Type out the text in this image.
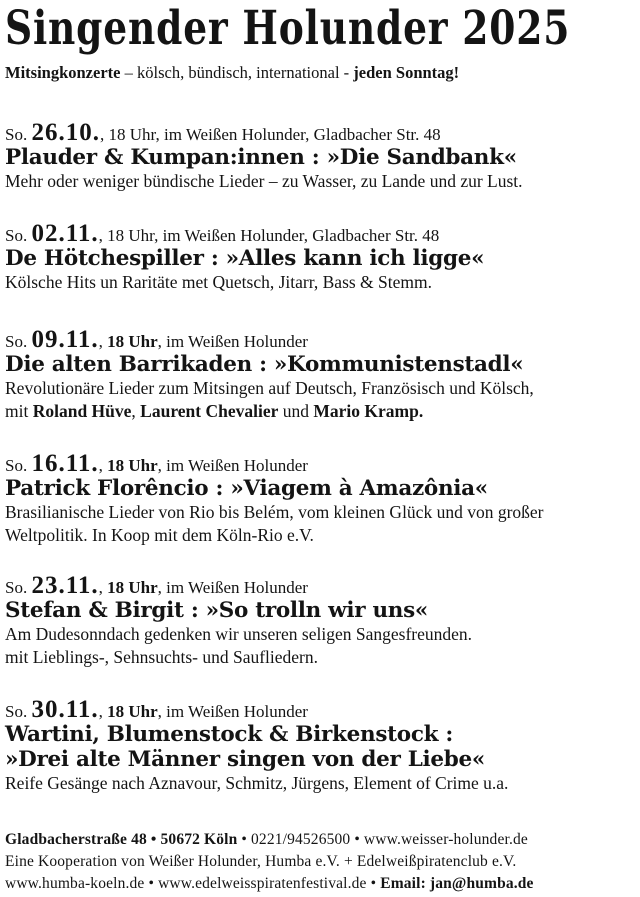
Singender Holunder 2025
Mitsingkonzerte – kölsch, bündisch, international - jeden Sonntag!
So. 26.10., 18 Uhr, im Weißen Holunder, Gladbacher Str. 48
Plauder & Kumpan:innen : »Die Sandbank«
Mehr oder weniger bündische Lieder – zu Wasser, zu Lande und zur Lust.
So. 02.11., 18 Uhr, im Weißen Holunder, Gladbacher Str. 48
De Hötchespiller : »Alles kann ich ligge«
Kölsche Hits un Raritäte met Quetsch, Jitarr, Bass & Stemm.
So. 09.11., 18 Uhr, im Weißen Holunder
Die alten Barrikaden : »Kommunistenstadl«
Revolutionäre Lieder zum Mitsingen auf Deutsch, Französisch und Kölsch,
mit Roland Hüve, Laurent Chevalier und Mario Kramp.
So. 16.11., 18 Uhr, im Weißen Holunder
Patrick Florêncio : »Viagem à Amazônia«
Brasilianische Lieder von Rio bis Belém, vom kleinen Glück und von großer
Weltpolitik. In Koop mit dem Köln-Rio e.V.
So. 23.11., 18 Uhr, im Weißen Holunder
Stefan & Birgit : »So trolln wir uns«
Am Dudesonndach gedenken wir unseren seligen Sangesfreunden.
mit Lieblings-, Sehnsuchts- und Saufliedern.
So. 30.11., 18 Uhr, im Weißen Holunder
Wartini, Blumenstock & Birkenstock :
»Drei alte Männer singen von der Liebe«
Reife Gesänge nach Aznavour, Schmitz, Jürgens, Element of Crime u.a.
Gladbacherstraße 48 • 50672 Köln • 0221/94526500 • www.weisser-holunder.de
Eine Kooperation von Weißer Holunder, Humba e.V. + Edelweißpiratenclub e.V.
www.humba-koeln.de • www.edelweisspiratenfestival.de • Email: jan@humba.de
